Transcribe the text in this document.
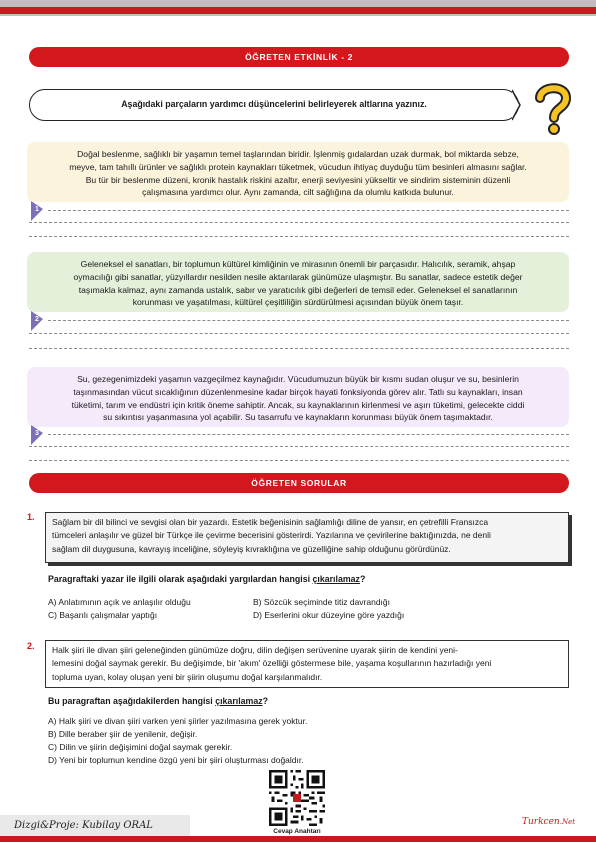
ÖĞRETEN ETKİNLİK - 2
Aşağıdaki parçaların yardımcı düşüncelerini belirleyerek altlarına yazınız.
Doğal beslenme, sağlıklı bir yaşamın temel taşlarından biridir. İşlenmiş gıdalardan uzak durmak, bol miktarda sebze,
meyve, tam tahıllı ürünler ve sağlıklı protein kaynakları tüketmek, vücudun ihtiyaç duyduğu tüm besinleri almasını sağlar.
Bu tür bir beslenme düzeni, kronik hastalık riskini azaltır, enerji seviyesini yükseltir ve sindirim sisteminin düzenli
çalışmasına yardımcı olur. Aynı zamanda, cilt sağlığına da olumlu katkıda bulunur.
1
Geleneksel el sanatları, bir toplumun kültürel kimliğinin ve mirasının önemli bir parçasıdır. Halıcılık, seramik, ahşap
oymacılığı gibi sanatlar, yüzyıllardır nesilden nesile aktarılarak günümüze ulaşmıştır. Bu sanatlar, sadece estetik değer
taşımakla kalmaz, aynı zamanda ustalık, sabır ve yaratıcılık gibi değerleri de temsil eder. Geleneksel el sanatlarının
korunması ve yaşatılması, kültürel çeşitliliğin sürdürülmesi açısından büyük önem taşır.
2
Su, gezegenimizdeki yaşamın vazgeçilmez kaynağıdır. Vücudumuzun büyük bir kısmı sudan oluşur ve su, besinlerin
taşınmasından vücut sıcaklığının düzenlenmesine kadar birçok hayati fonksiyonda görev alır. Tatlı su kaynakları, insan
tüketimi, tarım ve endüstri için kritik öneme sahiptir. Ancak, su kaynaklarının kirlenmesi ve aşırı tüketimi, gelecekte ciddi
su sıkıntısı yaşanmasına yol açabilir. Su tasarrufu ve kaynakların korunması büyük önem taşımaktadır.
3
ÖĞRETEN SORULAR
1. Sağlam bir dil bilinci ve sevgisi olan bir yazardı. Estetik beğenisinin sağlamlığı diline de yansır, en çetrefilli Fransızca
tümceleri anlaşılır ve güzel bir Türkçe ile çevirme becerisini gösterirdi. Yazılarına ve çevirilerine baktığınızda, ne denli
sağlam dil duygusuna, kavrayış inceliğine, söyleyiş kıvraklığına ve güzelliğine sahip olduğunu görürdünüz.
Paragraftaki yazar ile ilgili olarak aşağıdaki yargılardan hangisi çıkarılamaz?
A) Anlatımının açık ve anlaşılır olduğu	B) Sözcük seçiminde titiz davrandığı
C) Başarılı çalışmalar yaptığı	D) Eserlerini okur düzeyine göre yazdığı
2. Halk şiiri ile divan şiiri geleneğinden günümüze doğru, dilin değişen serüvenine uyarak şiirin de kendini yeni-
lemesini doğal saymak gerekir. Bu değişimde, bir 'akım' özelliği göstermese bile, yaşama koşullarının hazırladığı yeni
topluma uyan, kolay oluşan yeni bir şiirin oluşumu doğal karşılanmalıdır.
Bu paragraftan aşağıdakilerden hangisi çıkarılamaz?
A) Halk şiiri ve divan şiiri varken yeni şiirler yazılmasına gerek yoktur.
B) Dille beraber şiir de yenilenir, değişir.
C) Dilin ve şiirin değişimini doğal saymak gerekir.
D) Yeni bir toplumun kendine özgü yeni bir şiiri oluşturması doğaldır.
Cevap Anahtarı
Dizgi&Proje: Kubilay ORAL	Turkcen.Net
